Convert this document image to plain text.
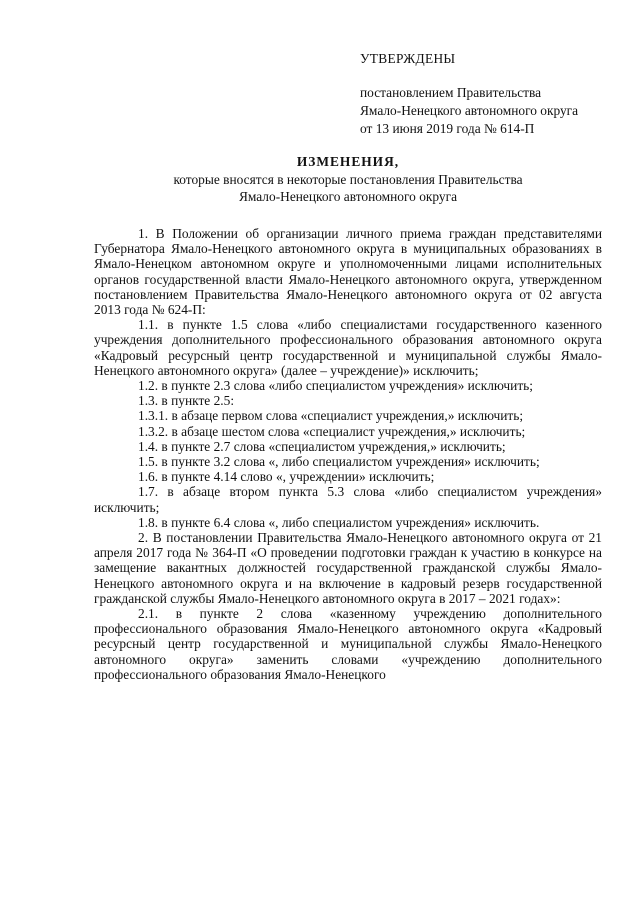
УТВЕРЖДЕНЫ
постановлением Правительства
Ямало-Ненецкого автономного округа
от 13 июня 2019 года № 614-П
ИЗМЕНЕНИЯ,
которые вносятся в некоторые постановления Правительства
Ямало-Ненецкого автономного округа

1. В Положении об организации личного приема граждан представителями Губернатора Ямало-Ненецкого автономного округа в муниципальных образованиях в Ямало-Ненецком автономном округе и уполномоченными лицами исполнительных органов государственной власти Ямало-Ненецкого автономного округа, утвержденном постановлением Правительства Ямало-Ненецкого автономного округа от 02 августа 2013 года № 624-П:

1.1. в пункте 1.5 слова «либо специалистами государственного казенного учреждения дополнительного профессионального образования автономного округа «Кадровый ресурсный центр государственной и муниципальной службы Ямало-Ненецкого автономного округа» (далее – учреждение)» исключить;

1.2. в пункте 2.3 слова «либо специалистом учреждения» исключить;

1.3. в пункте 2.5:

1.3.1. в абзаце первом слова «специалист учреждения,» исключить;

1.3.2. в абзаце шестом слова «специалист учреждения,» исключить;

1.4. в пункте 2.7 слова «специалистом учреждения,» исключить;

1.5. в пункте 3.2 слова «, либо специалистом учреждения» исключить;

1.6. в пункте 4.14 слово «, учреждении» исключить;

1.7. в абзаце втором пункта 5.3 слова «либо специалистом учреждения» исключить;

1.8. в пункте 6.4 слова «, либо специалистом учреждения» исключить.

2. В постановлении Правительства Ямало-Ненецкого автономного округа от 21 апреля 2017 года № 364-П «О проведении подготовки граждан к участию в конкурсе на замещение вакантных должностей государственной гражданской службы Ямало-Ненецкого автономного округа и на включение в кадровый резерв государственной гражданской службы Ямало-Ненецкого автономного округа в 2017 – 2021 годах»:

2.1. в пункте 2 слова «казенному учреждению дополнительного профессионального образования Ямало-Ненецкого автономного округа «Кадровый ресурсный центр государственной и муниципальной службы Ямало-Ненецкого автономного округа» заменить словами «учреждению дополнительного профессионального образования Ямало-Ненецкого
